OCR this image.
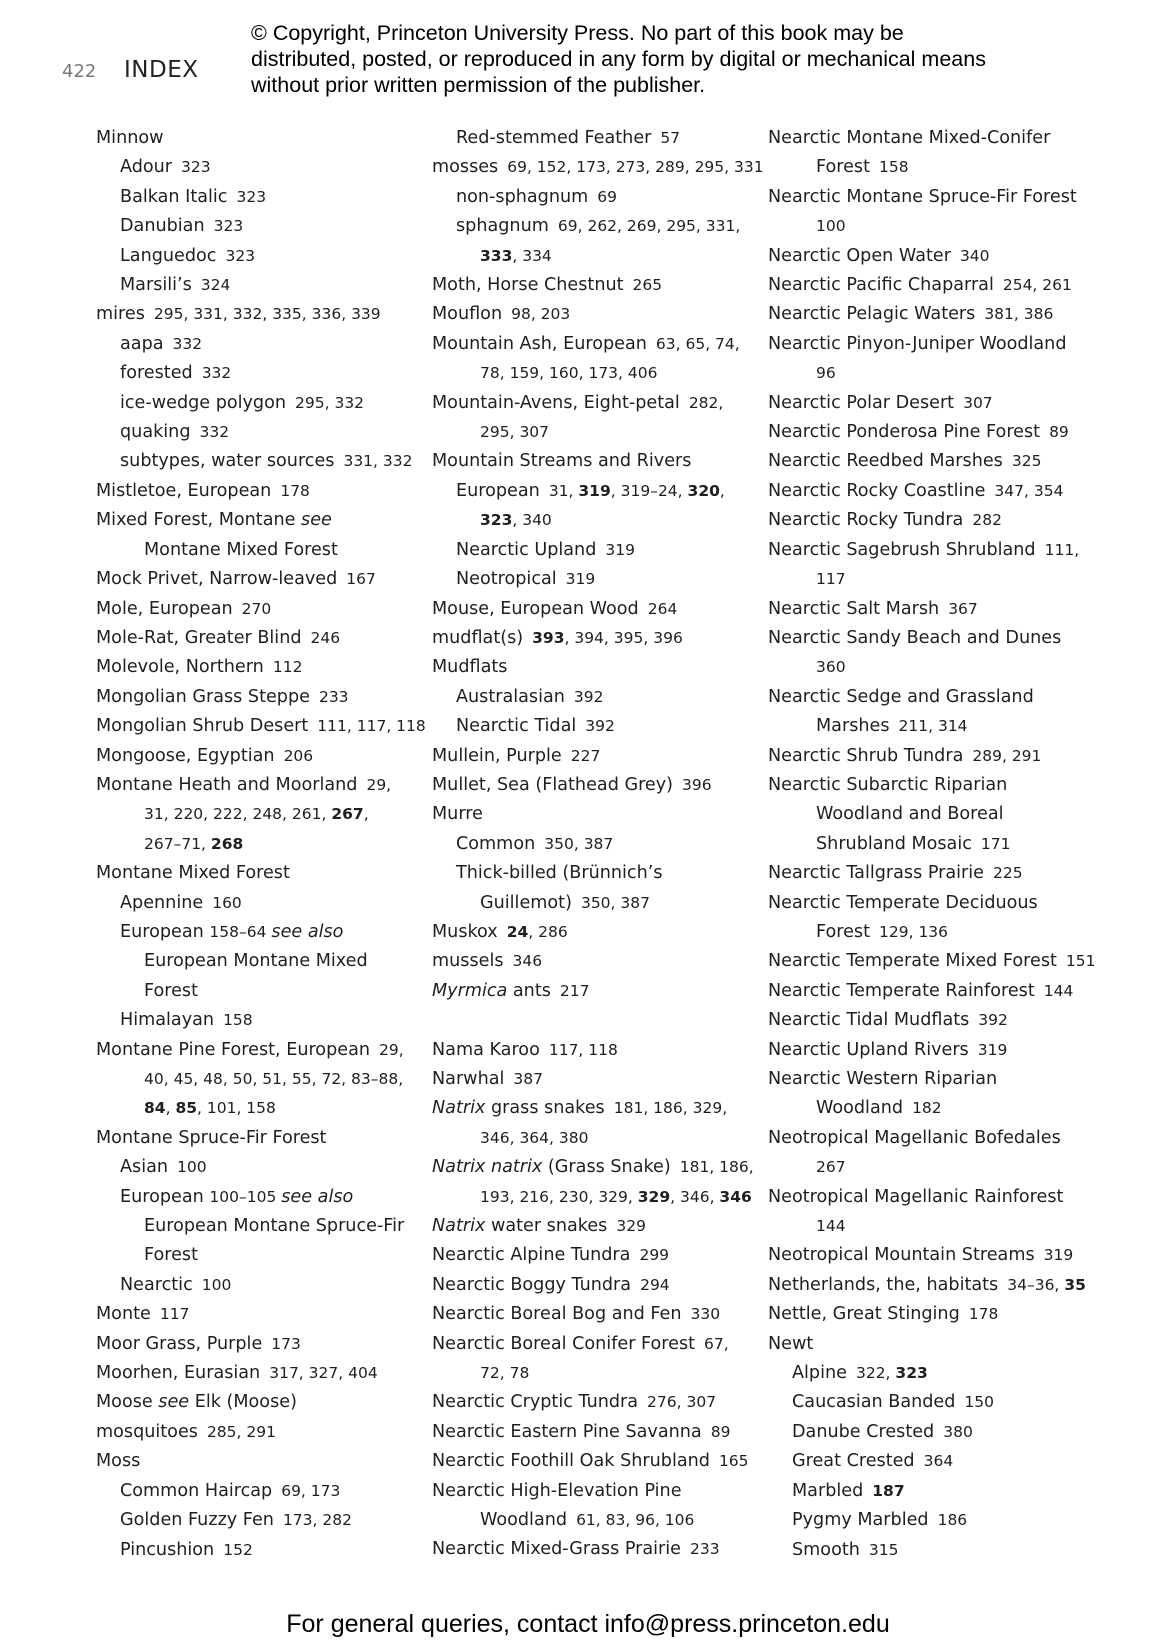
© Copyright, Princeton University Press. No part of this book may be distributed, posted, or reproduced in any form by digital or mechanical means without prior written permission of the publisher.
422 INDEX
Minnow
Adour 323
Balkan Italic 323
Danubian 323
Languedoc 323
Marsili’s 324
mires 295, 331, 332, 335, 336, 339
aapa 332
forested 332
ice-wedge polygon 295, 332
quaking 332
subtypes, water sources 331, 332
Mistletoe, European 178
Mixed Forest, Montane see
Montane Mixed Forest
Mock Privet, Narrow-leaved 167
Mole, European 270
Mole-Rat, Greater Blind 246
Molevole, Northern 112
Mongolian Grass Steppe 233
Mongolian Shrub Desert 111, 117, 118
Mongoose, Egyptian 206
Montane Heath and Moorland 29,
31, 220, 222, 248, 261, 267,
267–71, 268
Montane Mixed Forest
Apennine 160
European 158–64 see also
European Montane Mixed
Forest
Himalayan 158
Montane Pine Forest, European 29,
40, 45, 48, 50, 51, 55, 72, 83–88,
84, 85, 101, 158
Montane Spruce-Fir Forest
Asian 100
European 100–105 see also
European Montane Spruce-Fir
Forest
Nearctic 100
Monte 117
Moor Grass, Purple 173
Moorhen, Eurasian 317, 327, 404
Moose see Elk (Moose)
mosquitoes 285, 291
Moss
Common Haircap 69, 173
Golden Fuzzy Fen 173, 282
Pincushion 152
Red-stemmed Feather 57
mosses 69, 152, 173, 273, 289, 295, 331
non-sphagnum 69
sphagnum 69, 262, 269, 295, 331,
333, 334
Moth, Horse Chestnut 265
Mouflon 98, 203
Mountain Ash, European 63, 65, 74,
78, 159, 160, 173, 406
Mountain-Avens, Eight-petal 282,
295, 307
Mountain Streams and Rivers
European 31, 319, 319–24, 320,
323, 340
Nearctic Upland 319
Neotropical 319
Mouse, European Wood 264
mudflat(s) 393, 394, 395, 396
Mudflats
Australasian 392
Nearctic Tidal 392
Mullein, Purple 227
Mullet, Sea (Flathead Grey) 396
Murre
Common 350, 387
Thick-billed (Brünnich’s
Guillemot) 350, 387
Muskox 24, 286
mussels 346
Myrmica ants 217
Nama Karoo 117, 118
Narwhal 387
Natrix grass snakes 181, 186, 329,
346, 364, 380
Natrix natrix (Grass Snake) 181, 186,
193, 216, 230, 329, 329, 346, 346
Natrix water snakes 329
Nearctic Alpine Tundra 299
Nearctic Boggy Tundra 294
Nearctic Boreal Bog and Fen 330
Nearctic Boreal Conifer Forest 67,
72, 78
Nearctic Cryptic Tundra 276, 307
Nearctic Eastern Pine Savanna 89
Nearctic Foothill Oak Shrubland 165
Nearctic High-Elevation Pine
Woodland 61, 83, 96, 106
Nearctic Mixed-Grass Prairie 233
Nearctic Montane Mixed-Conifer
Forest 158
Nearctic Montane Spruce-Fir Forest
100
Nearctic Open Water 340
Nearctic Pacific Chaparral 254, 261
Nearctic Pelagic Waters 381, 386
Nearctic Pinyon-Juniper Woodland
96
Nearctic Polar Desert 307
Nearctic Ponderosa Pine Forest 89
Nearctic Reedbed Marshes 325
Nearctic Rocky Coastline 347, 354
Nearctic Rocky Tundra 282
Nearctic Sagebrush Shrubland 111,
117
Nearctic Salt Marsh 367
Nearctic Sandy Beach and Dunes
360
Nearctic Sedge and Grassland
Marshes 211, 314
Nearctic Shrub Tundra 289, 291
Nearctic Subarctic Riparian
Woodland and Boreal
Shrubland Mosaic 171
Nearctic Tallgrass Prairie 225
Nearctic Temperate Deciduous
Forest 129, 136
Nearctic Temperate Mixed Forest 151
Nearctic Temperate Rainforest 144
Nearctic Tidal Mudflats 392
Nearctic Upland Rivers 319
Nearctic Western Riparian
Woodland 182
Neotropical Magellanic Bofedales
267
Neotropical Magellanic Rainforest
144
Neotropical Mountain Streams 319
Netherlands, the, habitats 34–36, 35
Nettle, Great Stinging 178
Newt
Alpine 322, 323
Caucasian Banded 150
Danube Crested 380
Great Crested 364
Marbled 187
Pygmy Marbled 186
Smooth 315
For general queries, contact info@press.princeton.edu
